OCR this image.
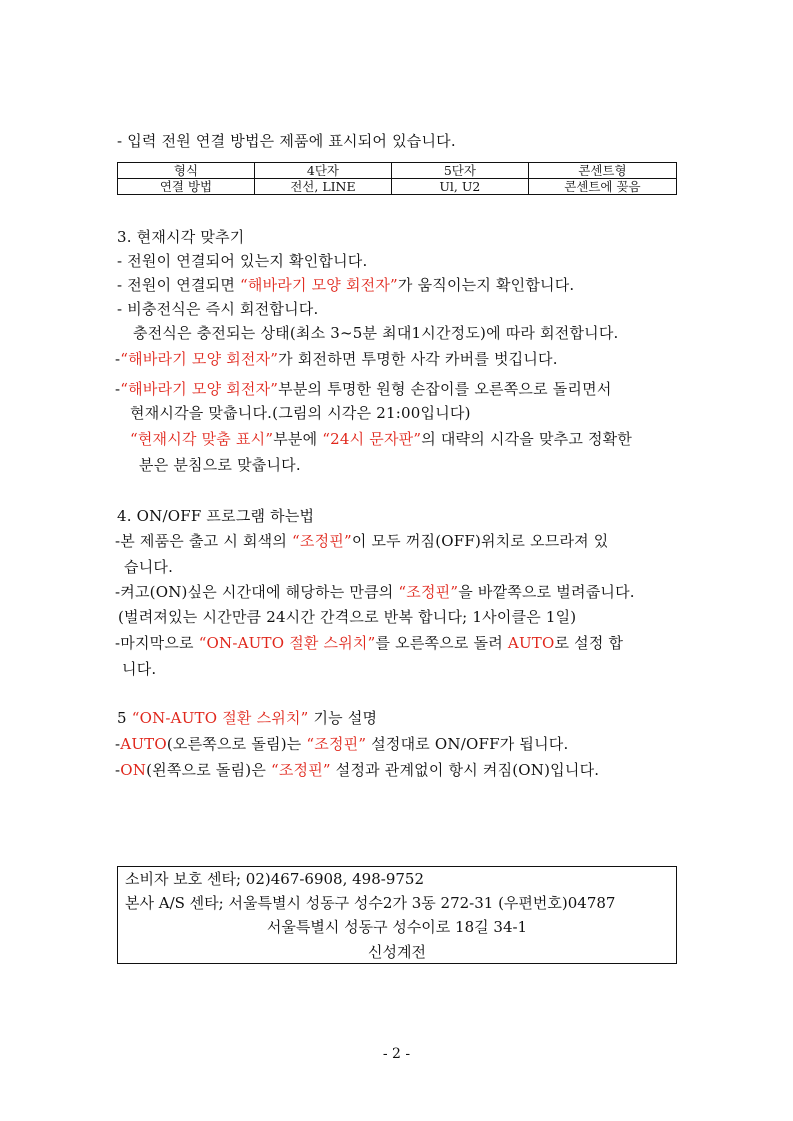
- 입력 전원 연결 방법은 제품에 표시되어 있습니다.
형식	4단자	5단자	콘센트형
연결 방법	전선, LINE	Ul, U2	콘센트에 꽂음
3. 현재시각 맞추기
- 전원이 연결되어 있는지 확인합니다.
- 전원이 연결되면 “해바라기 모양 회전자”가 움직이는지 확인합니다.
- 비충전식은 즉시 회전합니다.
충전식은 충전되는 상태(최소 3~5분 최대1시간정도)에 따라 회전합니다.
-“해바라기 모양 회전자”가 회전하면 투명한 사각 카버를 벗깁니다.
-“해바라기 모양 회전자”부분의 투명한 원형 손잡이를 오른쪽으로 돌리면서
현재시각을 맞춥니다.(그림의 시각은 21:00입니다)
“현재시각 맞춤 표시”부분에 “24시 문자판”의 대략의 시각을 맞추고 정확한
분은 분침으로 맞춥니다.
4. ON/OFF 프로그램 하는법
-본 제품은 출고 시 회색의 “조정핀”이 모두 꺼짐(OFF)위치로 오므라져 있
습니다.
-켜고(ON)싶은 시간대에 해당하는 만큼의 “조정핀”을 바깥쪽으로 벌려줍니다.
(벌려져있는 시간만큼 24시간 간격으로 반복 합니다; 1사이클은 1일)
-마지막으로 “ON-AUTO 절환 스위치”를 오른쪽으로 돌려 AUTO로 설정 합
니다.
5 “ON-AUTO 절환 스위치” 기능 설명
-AUTO(오른쪽으로 돌림)는 “조정핀” 설정대로 ON/OFF가 됩니다.
-ON(왼쪽으로 돌림)은 “조정핀” 설정과 관계없이 항시 켜짐(ON)입니다.
소비자 보호 센타; 02)467-6908, 498-9752
본사 A/S 센타; 서울특별시 성동구 성수2가 3동 272-31 (우편번호)04787
서울특별시 성동구 성수이로 18길 34-1
신성계전
- 2 -
